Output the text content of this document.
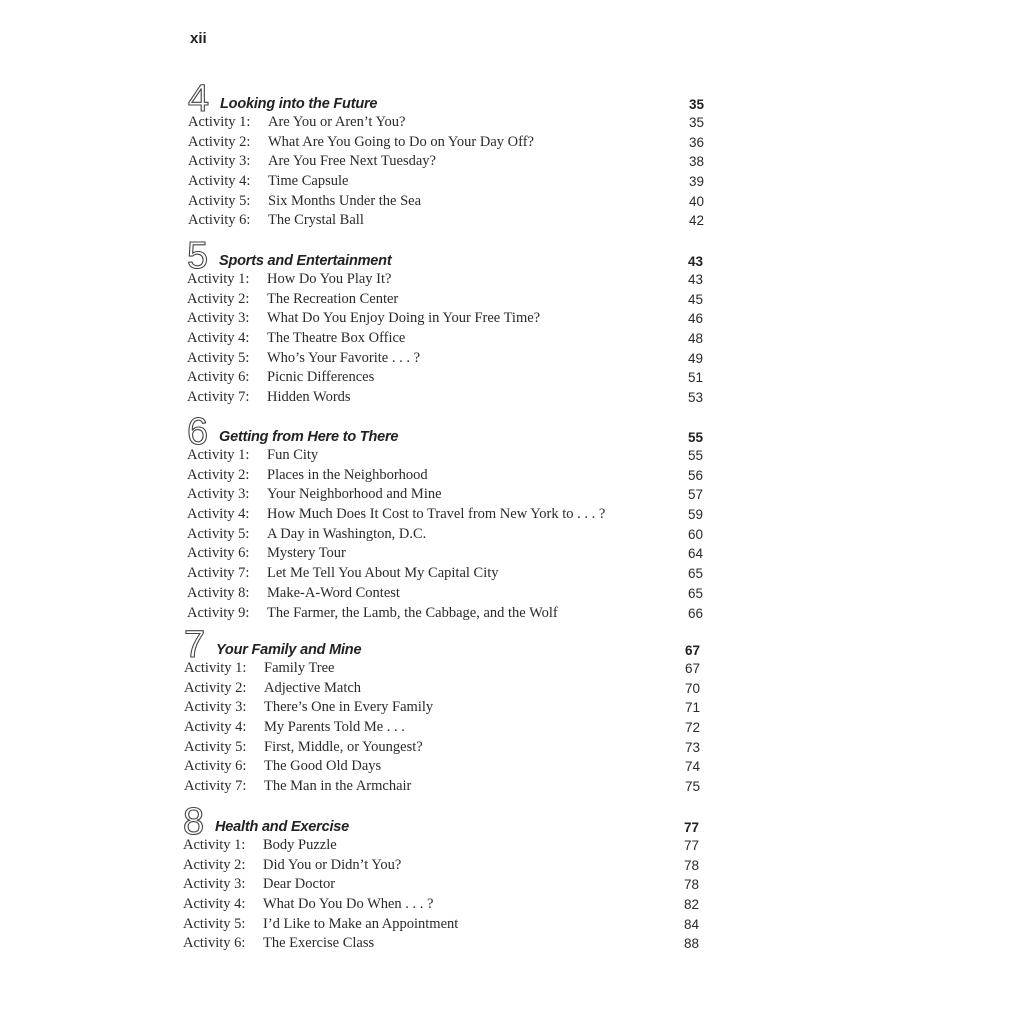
xii
4 Looking into the Future	35
Activity 1: Are You or Aren’t You?	35
Activity 2: What Are You Going to Do on Your Day Off?	36
Activity 3: Are You Free Next Tuesday?	38
Activity 4: Time Capsule	39
Activity 5: Six Months Under the Sea	40
Activity 6: The Crystal Ball	42
5 Sports and Entertainment	43
Activity 1: How Do You Play It?	43
Activity 2: The Recreation Center	45
Activity 3: What Do You Enjoy Doing in Your Free Time?	46
Activity 4: The Theatre Box Office	48
Activity 5: Who’s Your Favorite . . . ?	49
Activity 6: Picnic Differences	51
Activity 7: Hidden Words	53
6 Getting from Here to There	55
Activity 1: Fun City	55
Activity 2: Places in the Neighborhood	56
Activity 3: Your Neighborhood and Mine	57
Activity 4: How Much Does It Cost to Travel from New York to . . . ?	59
Activity 5: A Day in Washington, D.C.	60
Activity 6: Mystery Tour	64
Activity 7: Let Me Tell You About My Capital City	65
Activity 8: Make-A-Word Contest	65
Activity 9: The Farmer, the Lamb, the Cabbage, and the Wolf	66
7 Your Family and Mine	67
Activity 1: Family Tree	67
Activity 2: Adjective Match	70
Activity 3: There’s One in Every Family	71
Activity 4: My Parents Told Me . . .	72
Activity 5: First, Middle, or Youngest?	73
Activity 6: The Good Old Days	74
Activity 7: The Man in the Armchair	75
8 Health and Exercise	77
Activity 1: Body Puzzle	77
Activity 2: Did You or Didn’t You?	78
Activity 3: Dear Doctor	78
Activity 4: What Do You Do When . . . ?	82
Activity 5: I’d Like to Make an Appointment	84
Activity 6: The Exercise Class	88
